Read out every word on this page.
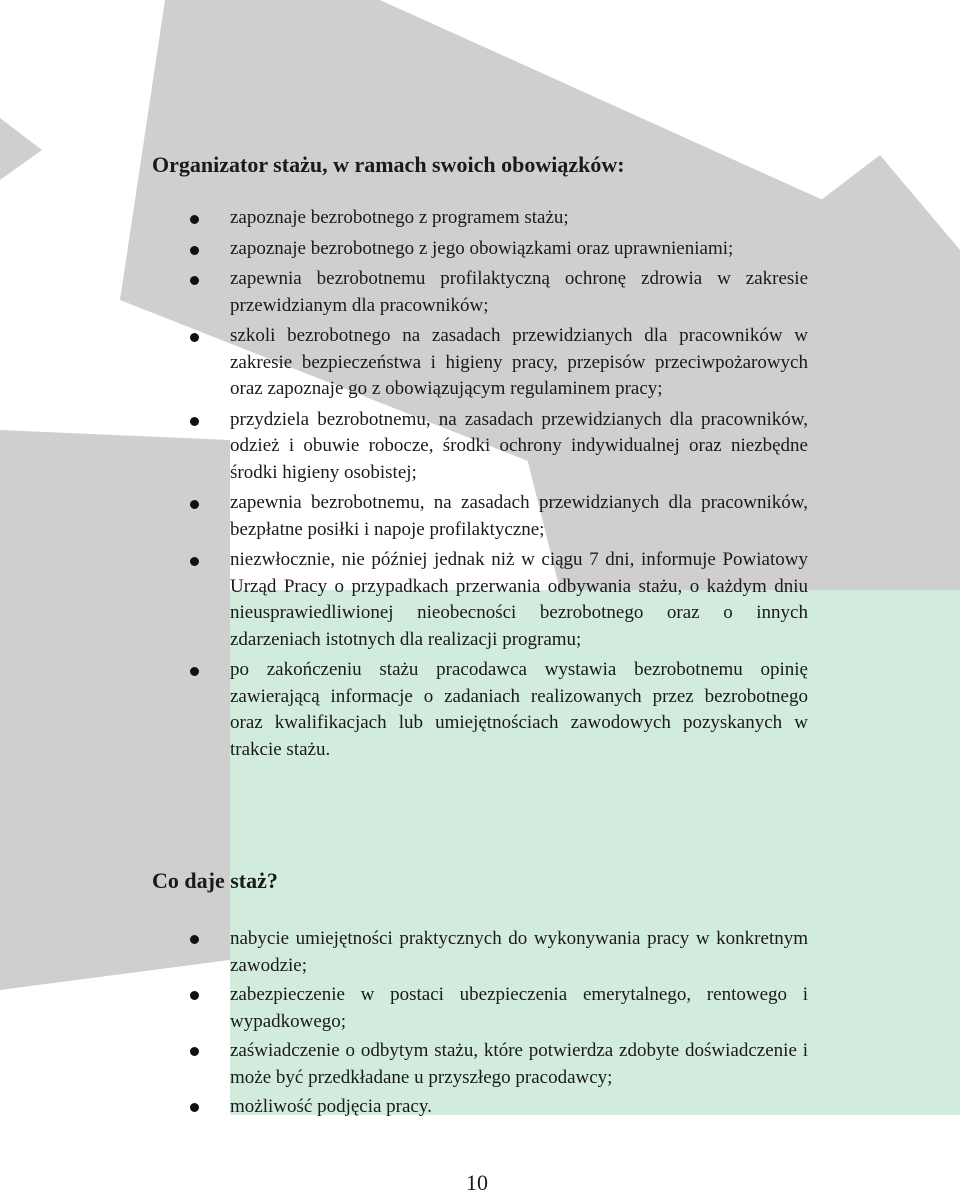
Organizator stażu, w ramach swoich obowiązków:
zapoznaje bezrobotnego z programem stażu;
zapoznaje bezrobotnego z jego obowiązkami oraz uprawnieniami;
zapewnia bezrobotnemu profilaktyczną ochronę zdrowia w zakresie przewidzianym dla pracowników;
szkoli bezrobotnego na zasadach przewidzianych dla pracowników w zakresie bezpieczeństwa i higieny pracy, przepisów przeciwpożarowych oraz zapoznaje go z obowiązującym regulaminem pracy;
przydziela bezrobotnemu, na zasadach przewidzianych dla pracowników, odzież i obuwie robocze, środki ochrony indywidualnej oraz niezbędne środki higieny osobistej;
zapewnia bezrobotnemu, na zasadach przewidzianych dla pracowników, bezpłatne posiłki i napoje profilaktyczne;
niezwłocznie, nie później jednak niż w ciągu 7 dni, informuje Powiatowy Urząd Pracy o przypadkach przerwania odbywania stażu, o każdym dniu nieusprawiedliwionej nieobecności bezrobotnego oraz o innych zdarzeniach istotnych dla realizacji programu;
po zakończeniu stażu pracodawca wystawia bezrobotnemu opinię zawierającą informacje o zadaniach realizowanych przez bezrobotnego oraz kwalifikacjach lub umiejętnościach zawodowych pozyskanych w trakcie stażu.
Co daje staż?
nabycie umiejętności praktycznych do wykonywania pracy w konkretnym zawodzie;
zabezpieczenie w postaci ubezpieczenia emerytalnego, rentowego i wypadkowego;
zaświadczenie o odbytym stażu, które potwierdza zdobyte doświadczenie i może być przedkładane u przyszłego pracodawcy;
możliwość podjęcia pracy.
10
